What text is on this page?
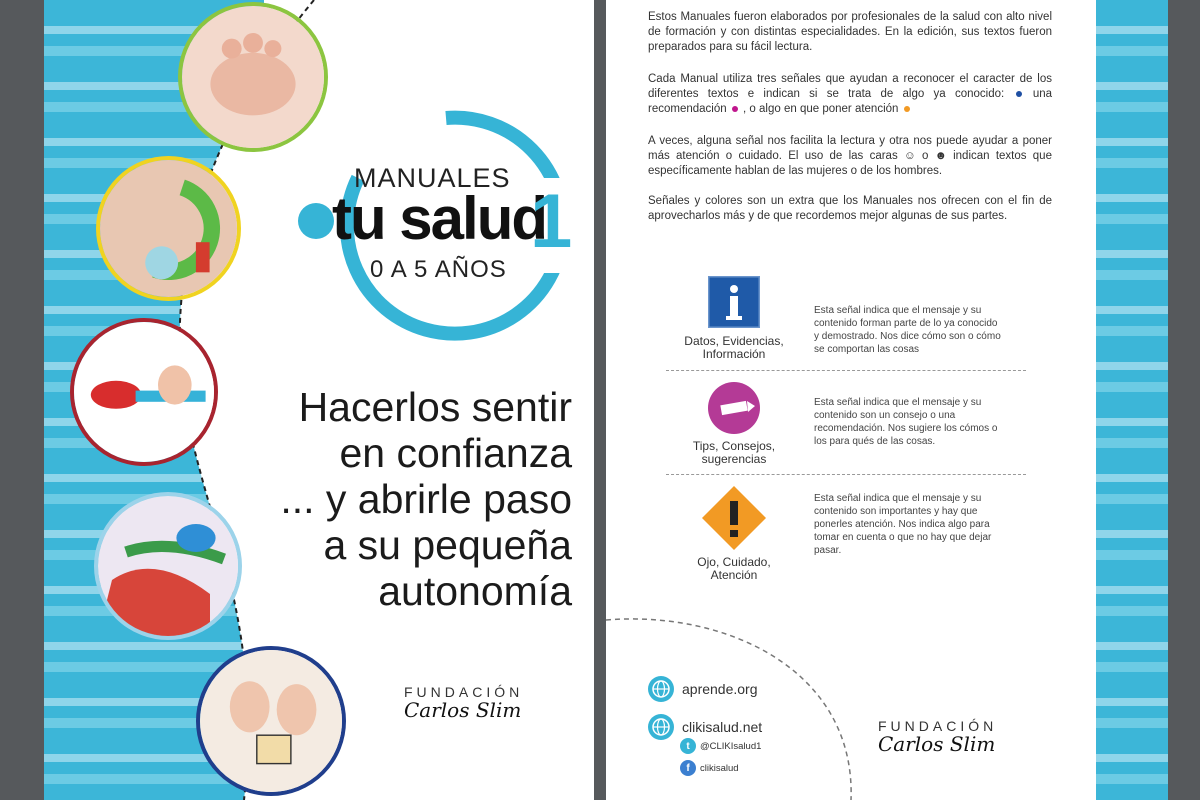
MANUALES
tu salud
1
0 A 5 AÑOS
Hacerlos sentir
en confianza
... y abrirle paso
a su pequeña
autonomía
FUNDACIÓN
Carlos Slim
Estos Manuales fueron elaborados por profesionales de la salud con alto nivel de formación y con distintas especialidades. En la edición, sus textos fueron preparados para su fácil lectura.
Cada Manual utiliza tres señales que ayudan a reconocer el caracter de los diferentes textos e indican si se trata de algo ya conocido: una recomendación , o algo en que poner atención
A veces, alguna señal nos facilita la lectura y otra nos puede ayudar a poner más atención o cuidado. El uso de las caras ☺ o ☻ indican textos que específicamente hablan de las mujeres o de los hombres.
Señales y colores son un extra que los Manuales nos ofrecen con el fin de aprovecharlos más y de que recordemos mejor algunas de sus partes.
Datos, Evidencias,
Información
Esta señal indica que el mensaje y su contenido forman parte de lo ya conocido y demostrado. Nos dice cómo son o cómo se comportan las cosas
Tips, Consejos,
sugerencias
Esta señal indica que el mensaje y su contenido son un consejo o una recomendación. Nos sugiere los cómos o los para qués de las cosas.
Ojo, Cuidado,
Atención
Esta señal indica que el mensaje y su contenido son importantes y hay que ponerles atención. Nos indica algo para tomar en cuenta o que no hay que dejar pasar.
aprende.org
clikisalud.net
t	@CLIKIsalud1
f	clikisalud
FUNDACIÓN
Carlos Slim
